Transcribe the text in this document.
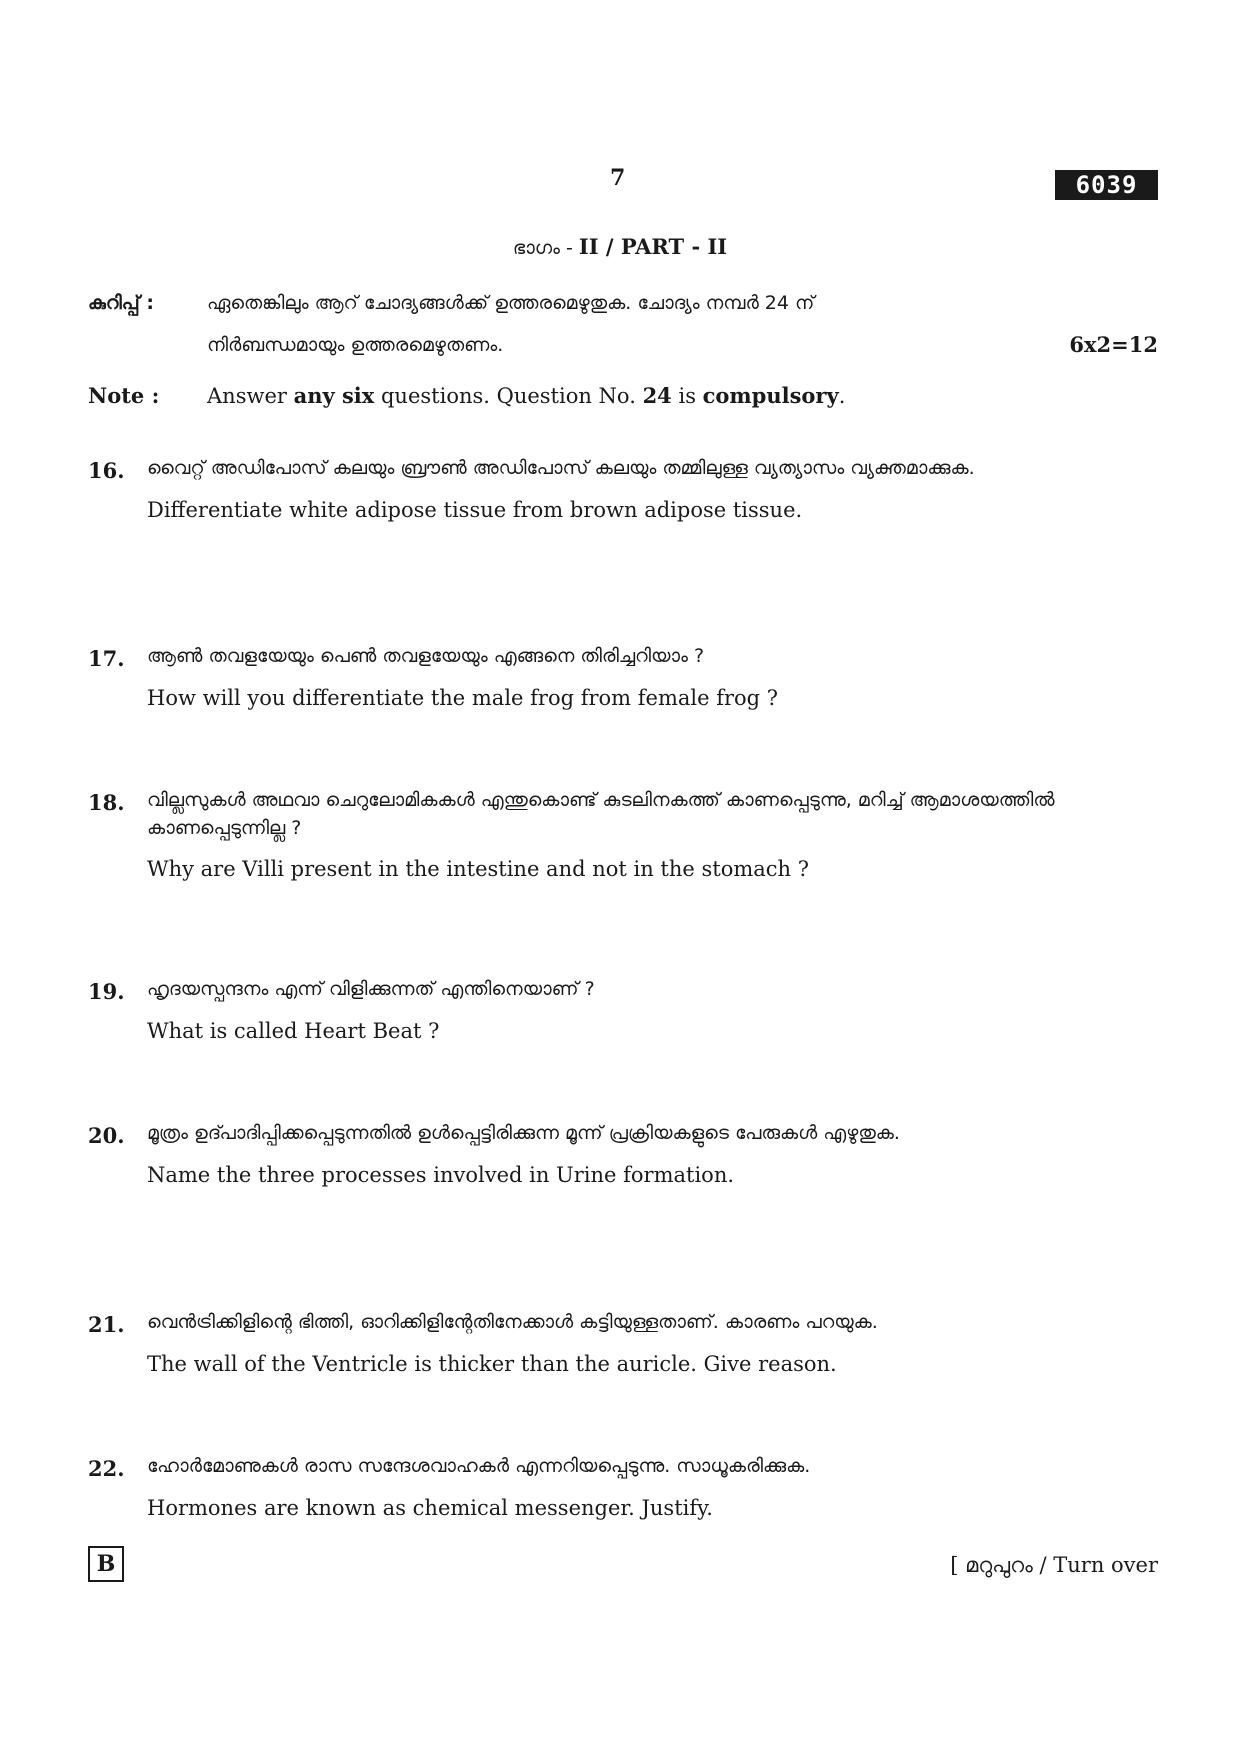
7	6039
ഭാഗം - II / PART - II
കുറിപ്പ് :	ഏതെങ്കിലും ആറ് ചോദ്യങ്ങൾക്ക് ഉത്തരമെഴുതുക. ചോദ്യം നമ്പർ 24 ന്
നിർബന്ധമായും ഉത്തരമെഴുതണം.	6x2=12
Note : Answer any six questions. Question No. 24 is compulsory.
16. വൈറ്റ് അഡിപോസ് കലയും ബ്രൗൺ അഡിപോസ് കലയും തമ്മിലുള്ള വ്യത്യാസം വ്യക്തമാക്കുക.
Differentiate white adipose tissue from brown adipose tissue.
17. ആൺ തവളയേയും പെൺ തവളയേയും എങ്ങനെ തിരിച്ചറിയാം ?
How will you differentiate the male frog from female frog ?
18. വില്ലസുകൾ അഥവാ ചെറുലോമികകൾ എന്തുകൊണ്ട് കുടലിനകത്ത് കാണപ്പെടുന്നു, മറിച്ച് ആമാശയത്തിൽ കാണപ്പെടുന്നില്ല ?
Why are Villi present in the intestine and not in the stomach ?
19. ഹൃദയസ്പന്ദനം എന്ന് വിളിക്കുന്നത് എന്തിനെയാണ് ?
What is called Heart Beat ?
20. മൂത്രം ഉദ്പാദിപ്പിക്കപ്പെടുന്നതിൽ ഉൾപ്പെട്ടിരിക്കുന്ന മൂന്ന് പ്രക്രിയകളുടെ പേരുകൾ എഴുതുക.
Name the three processes involved in Urine formation.
21. വെൻട്രിക്കിളിന്റെ ഭിത്തി, ഓറിക്കിളിന്റേതിനേക്കാൾ കട്ടിയുള്ളതാണ്. കാരണം പറയുക.
The wall of the Ventricle is thicker than the auricle. Give reason.
22. ഹോർമോണുകൾ രാസ സന്ദേശവാഹകർ എന്നറിയപ്പെടുന്നു. സാധൂകരിക്കുക.
Hormones are known as chemical messenger. Justify.
B	[ മറുപുറം / Turn over
